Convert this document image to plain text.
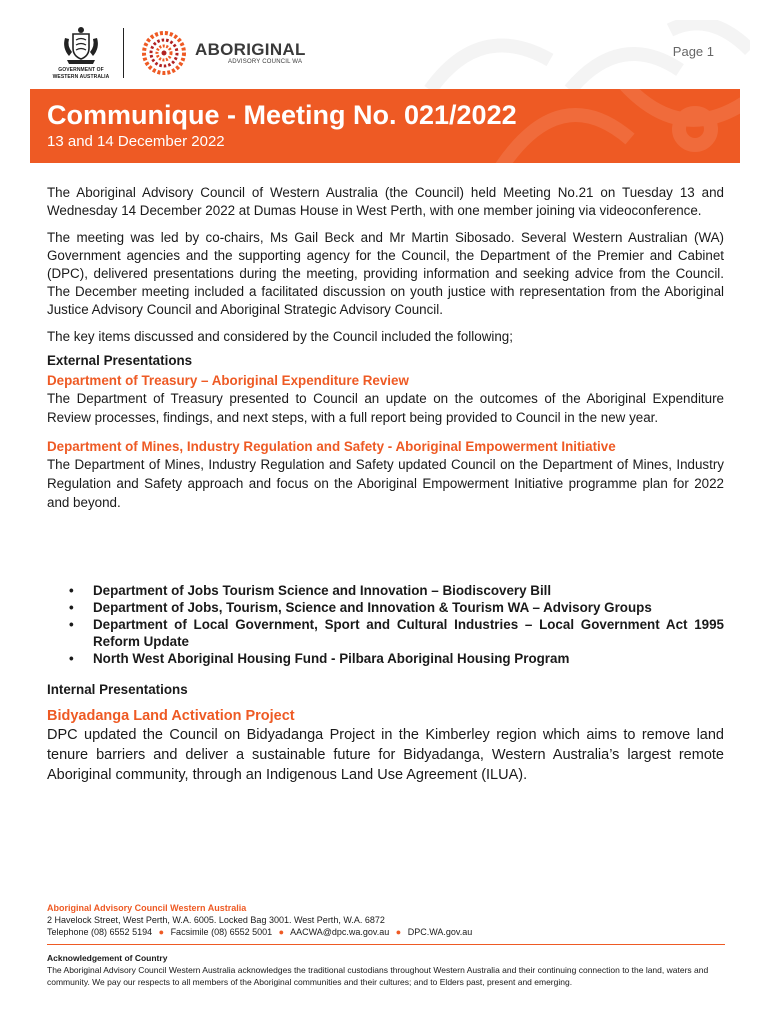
GOVERNMENT OF
WESTERN AUSTRALIA
ABORIGINAL
ADVISORY COUNCIL WA
Page 1
Communique - Meeting No. 021/2022
13 and 14 December 2022

The Aboriginal Advisory Council of Western Australia (the Council) held Meeting No.21 on Tuesday 13 and Wednesday 14 December 2022 at Dumas House in West Perth, with one member joining via videoconference.

The meeting was led by co-chairs, Ms Gail Beck and Mr Martin Sibosado. Several Western Australian (WA) Government agencies and the supporting agency for the Council, the Department of the Premier and Cabinet (DPC), delivered presentations during the meeting, providing information and seeking advice from the Council. The December meeting included a facilitated discussion on youth justice with representation from the Aboriginal Justice Advisory Council and Aboriginal Strategic Advisory Council.

The key items discussed and considered by the Council included the following;

External Presentations
Department of Treasury – Aboriginal Expenditure Review
The Department of Treasury presented to Council an update on the outcomes of the Aboriginal Expenditure Review processes, findings, and next steps, with a full report being provided to Council in the new year.
Department of Mines, Industry Regulation and Safety - Aboriginal Empowerment Initiative
The Department of Mines, Industry Regulation and Safety updated Council on the Department of Mines, Industry Regulation and Safety approach and focus on the Aboriginal Empowerment Initiative programme plan for 2022 and beyond.
• Department of Jobs Tourism Science and Innovation – Biodiscovery Bill
• Department of Jobs, Tourism, Science and Innovation & Tourism WA – Advisory Groups
• Department of Local Government, Sport and Cultural Industries – Local Government Act 1995 Reform Update
• North West Aboriginal Housing Fund - Pilbara Aboriginal Housing Program
Internal Presentations
Bidyadanga Land Activation Project
DPC updated the Council on Bidyadanga Project in the Kimberley region which aims to remove land tenure barriers and deliver a sustainable future for Bidyadanga, Western Australia’s largest remote Aboriginal community, through an Indigenous Land Use Agreement (ILUA).
Aboriginal Advisory Council Western Australia
2 Havelock Street, West Perth, W.A. 6005. Locked Bag 3001. West Perth, W.A. 6872
Telephone (08) 6552 5194 ● Facsimile (08) 6552 5001 ● AACWA@dpc.wa.gov.au ● DPC.WA.gov.au
Acknowledgement of Country
The Aboriginal Advisory Council Western Australia acknowledges the traditional custodians throughout Western Australia and their continuing connection to the land, waters and community. We pay our respects to all members of the Aboriginal communities and their cultures; and to Elders past, present and emerging.
